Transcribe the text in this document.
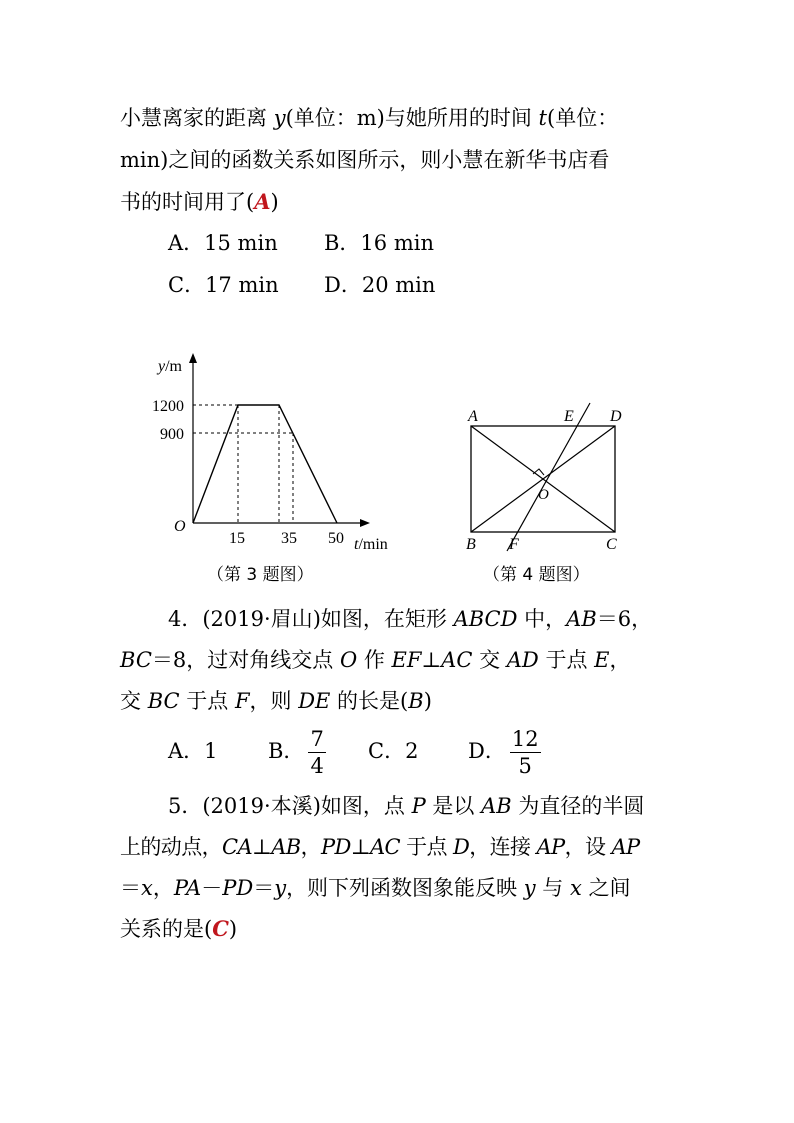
小慧离家的距离 y(单位：m)与她所用的时间 t(单位：
min)之间的函数关系如图所示，则小慧在新华书店看
书的时间用了(A)
A．15 min B．16 min
C．17 min D．20 min
y/m
1200
900
O
15 35 50 t/min
（第 3 题图）
A	E D
O
B F	C
（第 4 题图）
4．(2019·眉山)如图，在矩形 ABCD 中，AB＝6，
BC＝8，过对角线交点 O 作 EF⊥AC 交 AD 于点 E，
交 BC 于点 F，则 DE 的长是(B)
A．1 B． $\frac{7}{4}$ C．2 D． $\frac{12}{5}$
5．(2019·本溪)如图，点 P 是以 AB 为直径的半圆
上的动点，CA⊥AB，PD⊥AC 于点 D，连接 AP，设 AP
＝x，PA－PD＝y，则下列函数图象能反映 y 与 x 之间
关系的是(C)
